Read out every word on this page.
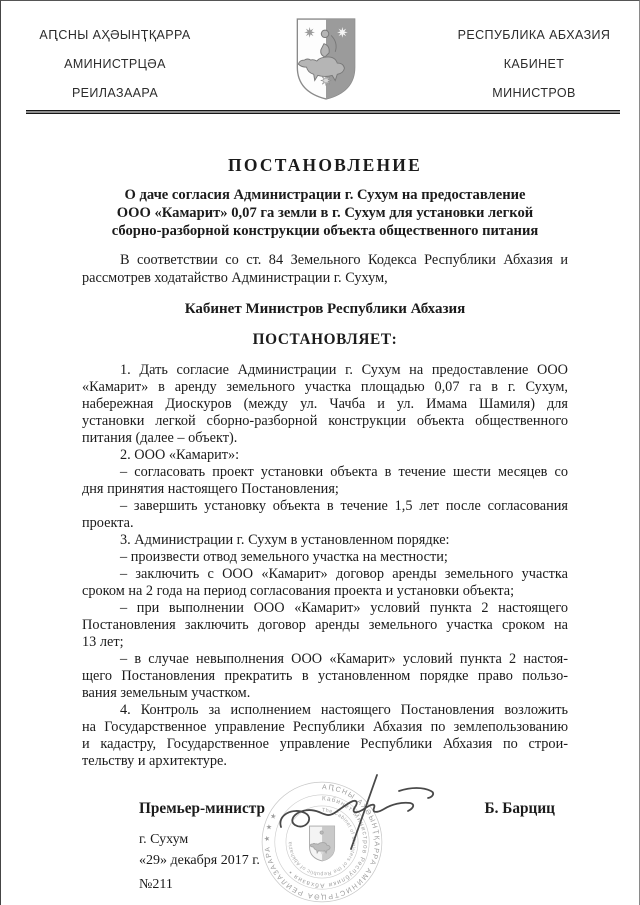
АԤСНЫ АҲӘЫНҬҚАРРА
АМИНИСТРЦӘА
РЕИЛАЗААРА
РЕСПУБЛИКА АБХАЗИЯ
КАБИНЕТ
МИНИСТРОВ
ПОСТАНОВЛЕНИЕ
О даче согласия Администрации г. Сухум на предоставление
ООО «Камарит» 0,07 га земли в г. Сухум для установки легкой
сборно-разборной конструкции объекта общественного питания
В соответствии со ст. 84 Земельного Кодекса Республики Абхазия и
рассмотрев ходатайство Администрации г. Сухум,
Кабинет Министров Республики Абхазия
ПОСТАНОВЛЯЕТ:
1. Дать согласие Администрации г. Сухум на предоставление ООО
«Камарит» в аренду земельного участка площадью 0,07 га в г. Сухум,
набережная Диоскуров (между ул. Чачба и ул. Имама Шамиля) для
установки легкой сборно-разборной конструкции объекта общественного
питания (далее – объект).
2. ООО «Камарит»:
– согласовать проект установки объекта в течение шести месяцев со
дня принятия настоящего Постановления;
– завершить установку объекта в течение 1,5 лет после согласования
проекта.
3. Администрации г. Сухум в установленном порядке:
– произвести отвод земельного участка на местности;
– заключить с ООО «Камарит» договор аренды земельного участка
сроком на 2 года на период согласования проекта и установки объекта;
– при выполнении ООО «Камарит» условий пункта 2 настоящего
Постановления заключить договор аренды земельного участка сроком на
13 лет;
– в случае невыполнения ООО «Камарит» условий пункта 2 настоя-
щего Постановления прекратить в установленном порядке право пользо-
вания земельным участком.
4. Контроль за исполнением настоящего Постановления возложить
на Государственное управление Республики Абхазия по землепользованию
и кадастру, Государственное управление Республики Абхазия по строи-
тельству и архитектуре.
АԤСНЫ АҲӘЫНҬҚАРРА АМИНИСТРЦӘА РЕИЛАЗААРА ★ ★ ★
Кабинет Министров Республики Абхазия •
The Cabinet of Ministers of the Republic of Abkhazia
Премьер-министр	Б. Барциц
г. Сухум
«29» декабря 2017 г.
№211
